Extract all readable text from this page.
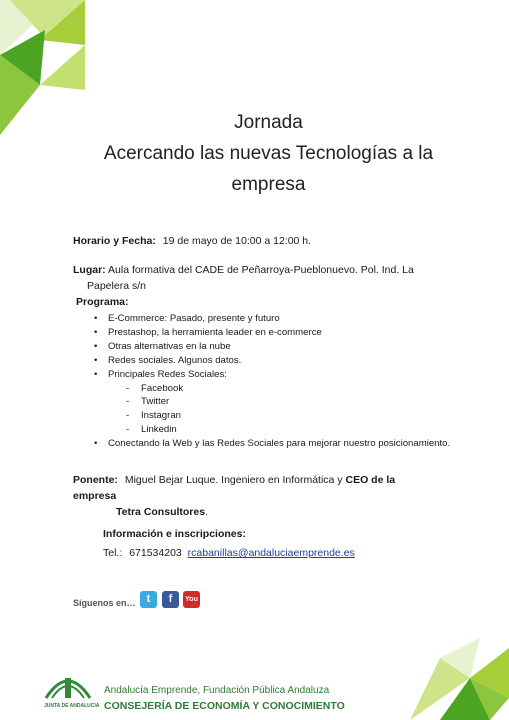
Jornada
Acercando las nuevas Tecnologías a la
empresa
Horario y Fecha: 19 de mayo de 10:00 a 12:00 h.
Lugar: Aula formativa del CADE de Peñarroya-Pueblonuevo. Pol. Ind. La
Papelera s/n
Programa:
• E-Commerce: Pasado, presente y futuro
• Prestashop, la herramienta leader en e-commerce
• Otras alternativas en la nube
• Redes sociales. Algunos datos.
• Principales Redes Sociales:
- Facebook
- Twitter
- Instagran
- Linkedin
• Conectando la Web y las Redes Sociales para mejorar nuestro posicionamiento.
Ponente: Miguel Bejar Luque. Ingeniero en Informática y CEO de la empresa
Tetra Consultores.
Información e inscripciones:
Tel.: 671534203 rcabanillas@andaluciaemprende.es
Síguenos en…	t	f	You
JUNTA DE ANDALUCIA
Andalucía Emprende, Fundación Pública Andaluza
CONSEJERÍA DE ECONOMÍA Y CONOCIMIENTO
